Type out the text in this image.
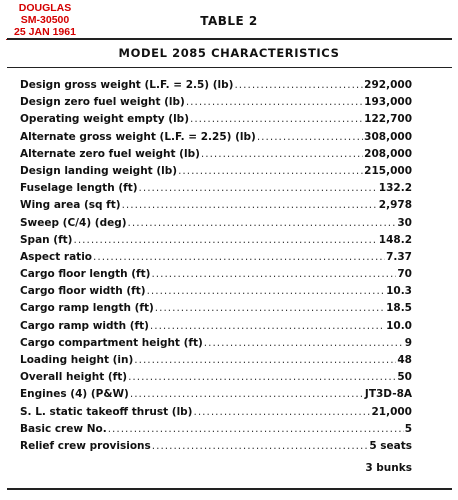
DOUGLAS
SM-30500
25 JAN 1961
TABLE 2
MODEL 2085 CHARACTERISTICS
Design gross weight (L.F. = 2.5) (lb) .....	292,000
Design zero fuel weight (lb) .....	193,000
Operating weight empty (lb) .....	122,700
Alternate gross weight (L.F. = 2.25) (lb) .....	308,000
Alternate zero fuel weight (lb) .....	208,000
Design landing weight (lb) .....	215,000
Fuselage length (ft) .....	132.2
Wing area (sq ft) .....	2,978
Sweep (C/4) (deg) .....	30
Span (ft) .....	148.2
Aspect ratio .....	7.37
Cargo floor length (ft) .....	70
Cargo floor width (ft) .....	10.3
Cargo ramp length (ft) .....	18.5
Cargo ramp width (ft) .....	10.0
Cargo compartment height (ft) .....	9
Loading height (in) .....	48
Overall height (ft) .....	50
Engines (4) (P&W) .....	JT3D-8A
S. L. static takeoff thrust (lb) .....	21,000
Basic crew No. .....	5
Relief crew provisions .....	5 seats
3 bunks
